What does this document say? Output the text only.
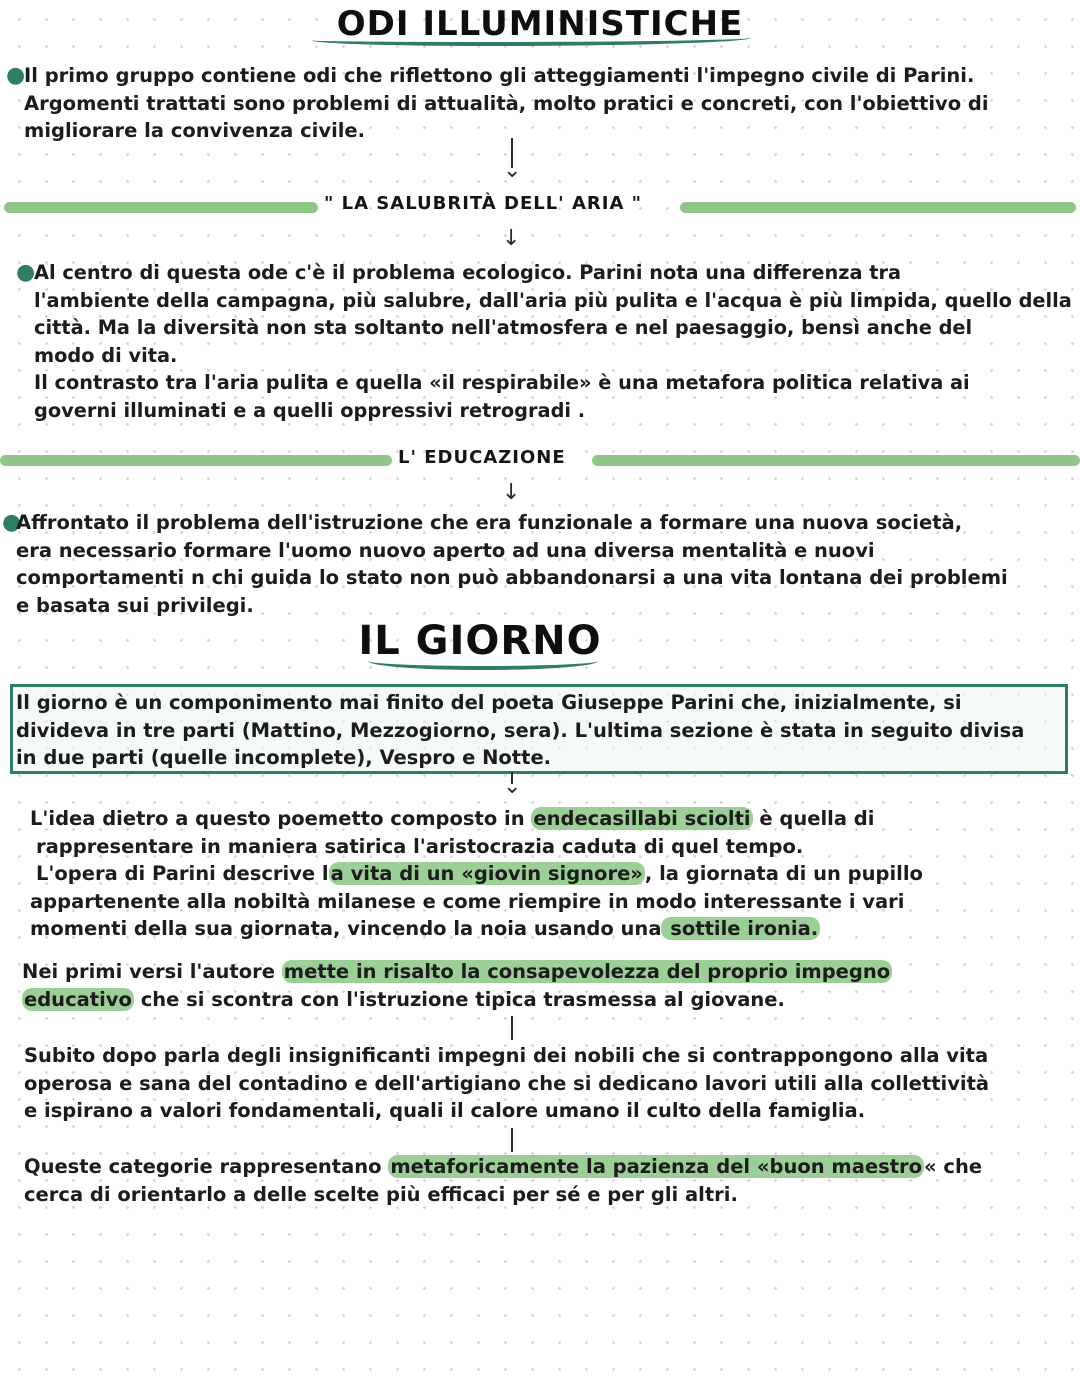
ODI ILLUMINISTICHE
●
Il primo gruppo contiene odi che riflettono gli atteggiamenti l'impegno civile di Parini.
Argomenti trattati sono problemi di attualità, molto pratici e concreti, con l'obiettivo di
migliorare la convivenza civile.
⌄
" LA SALUBRITÀ DELL' ARIA "
↓
●
Al centro di questa ode c'è il problema ecologico. Parini nota una differenza tra
l'ambiente della campagna, più salubre, dall'aria più pulita e l'acqua è più limpida, quello della
città. Ma la diversità non sta soltanto nell'atmosfera e nel paesaggio, bensì anche del
modo di vita.
Il contrasto tra l'aria pulita e quella «il respirabile» è una metafora politica relativa ai
governi illuminati e a quelli oppressivi retrogradi .
L' EDUCAZIONE
↓
●
Affrontato il problema dell'istruzione che era funzionale a formare una nuova società,
era necessario formare l'uomo nuovo aperto ad una diversa mentalità e nuovi
comportamenti n chi guida lo stato non può abbandonarsi a una vita lontana dei problemi
e basata sui privilegi.
IL GIORNO
Il giorno è un componimento mai finito del poeta Giuseppe Parini che, inizialmente, si
divideva in tre parti (Mattino, Mezzogiorno, sera). L'ultima sezione è stata in seguito divisa
in due parti (quelle incomplete), Vespro e Notte.
⌄
L'idea dietro a questo poemetto composto in endecasillabi sciolti è quella di
rappresentare in maniera satirica l'aristocrazia caduta di quel tempo.
L'opera di Parini descrive l a vita di un «giovin signore» , la giornata di un pupillo
appartenente alla nobiltà milanese e come riempire in modo interessante i vari
momenti della sua giornata, vincendo la noia usando una sottile ironia.
Nei primi versi l'autore mette in risalto la consapevolezza del proprio impegno
educativo che si scontra con l'istruzione tipica trasmessa al giovane.
Subito dopo parla degli insignificanti impegni dei nobili che si contrappongono alla vita
operosa e sana del contadino e dell'artigiano che si dedicano lavori utili alla collettività
e ispirano a valori fondamentali, quali il calore umano il culto della famiglia.
Queste categorie rappresentano metaforicamente la pazienza del «buon maestro « che
cerca di orientarlo a delle scelte più efficaci per sé e per gli altri.
